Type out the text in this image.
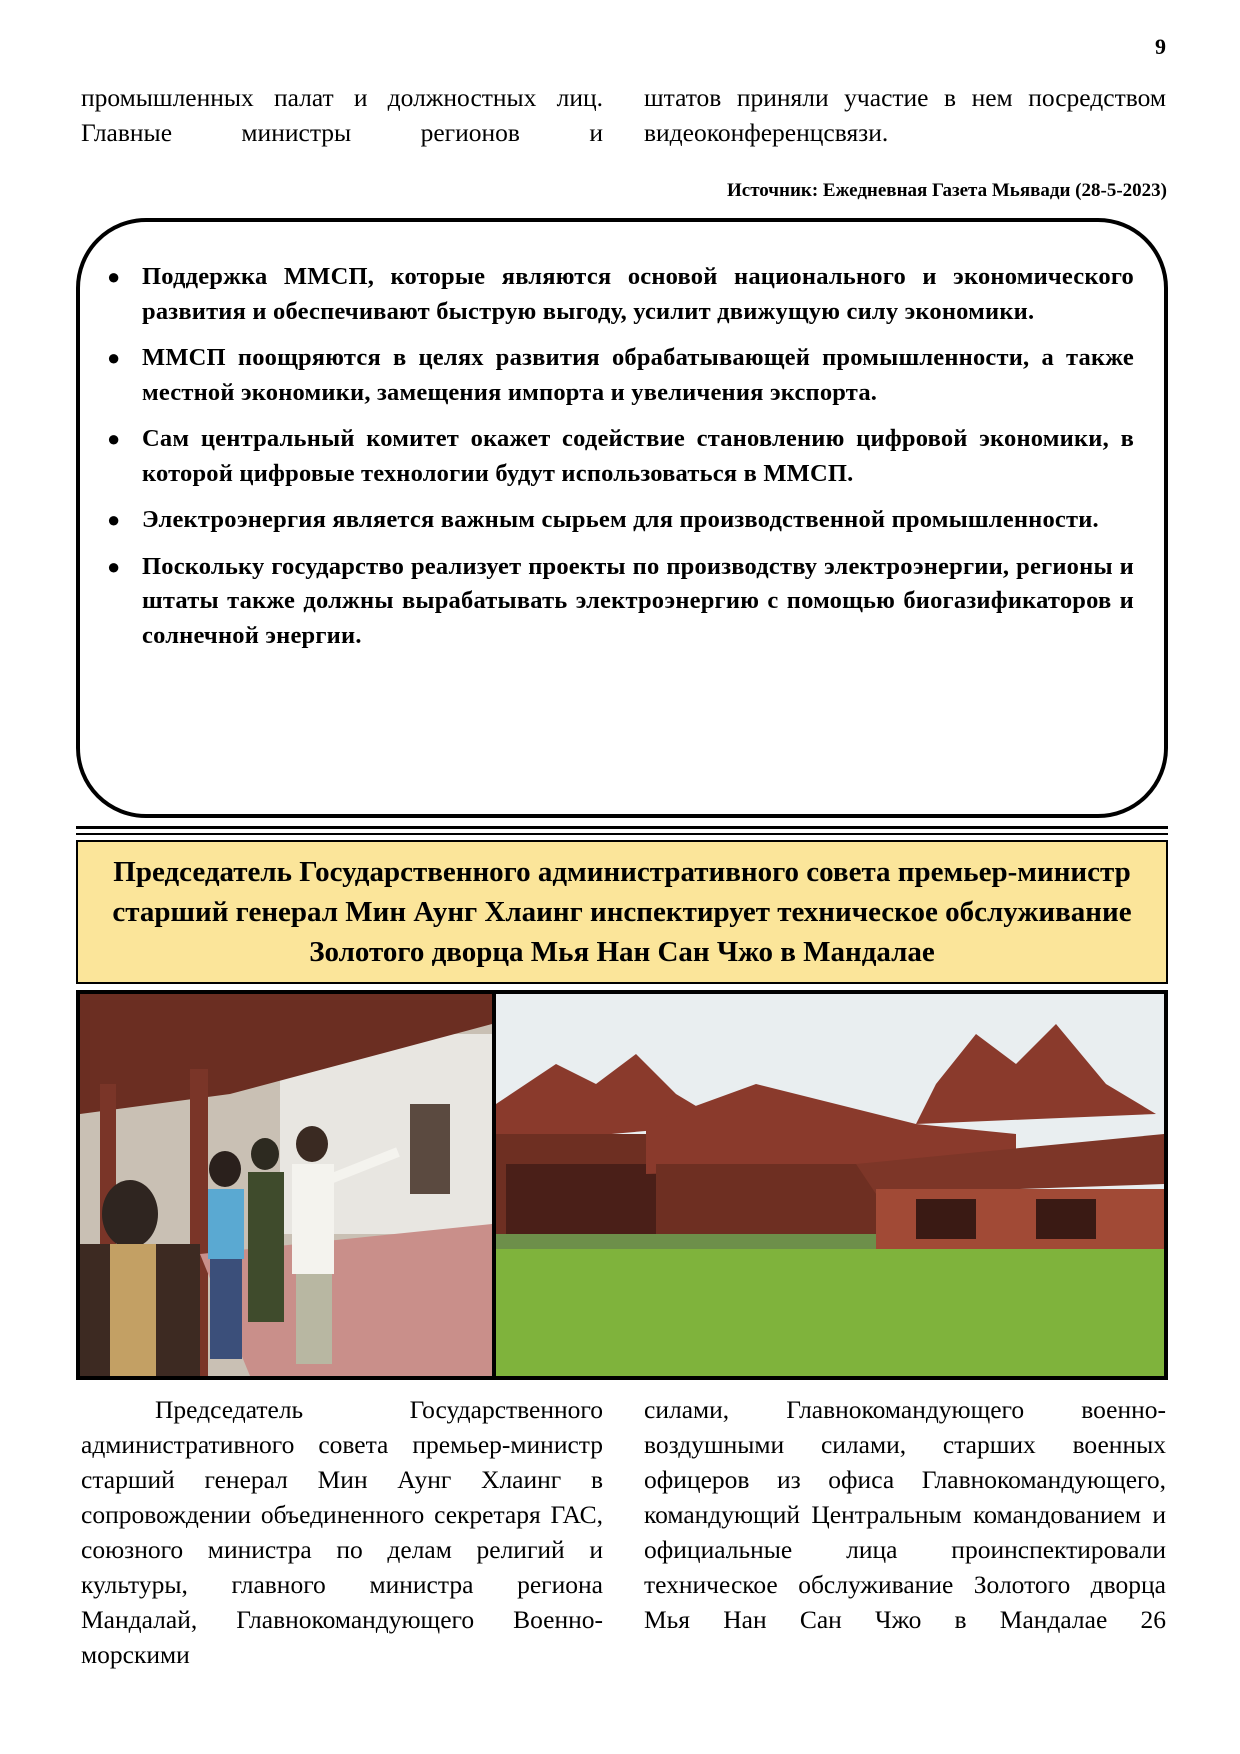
9
промышленных палат и должностных лиц. Главные министры регионов и
штатов приняли участие в нем посредством видеоконференцсвязи.
Источник: Ежедневная Газета Мьявади (28-5-2023)
● Поддержка ММСП, которые являются основой национального и экономического развития и обеспечивают быструю выгоду, усилит движущую силу экономики.
● ММСП поощряются в целях развития обрабатывающей промышленности, а также местной экономики, замещения импорта и увеличения экспорта.
● Сам центральный комитет окажет содействие становлению цифровой экономики, в которой цифровые технологии будут использоваться в ММСП.
● Электроэнергия является важным сырьем для производственной промышленности.
● Поскольку государство реализует проекты по производству электроэнергии, регионы и штаты также должны вырабатывать электроэнергию с помощью биогазификаторов и солнечной энергии.
Председатель Государственного административного совета премьер-министр старший генерал Мин Аунг Хлаинг инспектирует техническое обслуживание Золотого дворца Мья Нан Сан Чжо в Мандалае
Председатель Государственного административного совета премьер-министр старший генерал Мин Аунг Хлаинг в сопровождении объединенного секретаря ГАС, союзного министра по делам религий и культуры, главного министра региона Мандалай, Главнокомандующего Военно-морскими
силами, Главнокомандующего военно-воздушными силами, старших военных офицеров из офиса Главнокомандующего, командующий Центральным командованием и официальные лица проинспектировали техническое обслуживание Золотого дворца Мья Нан Сан Чжо в Мандалае 26
